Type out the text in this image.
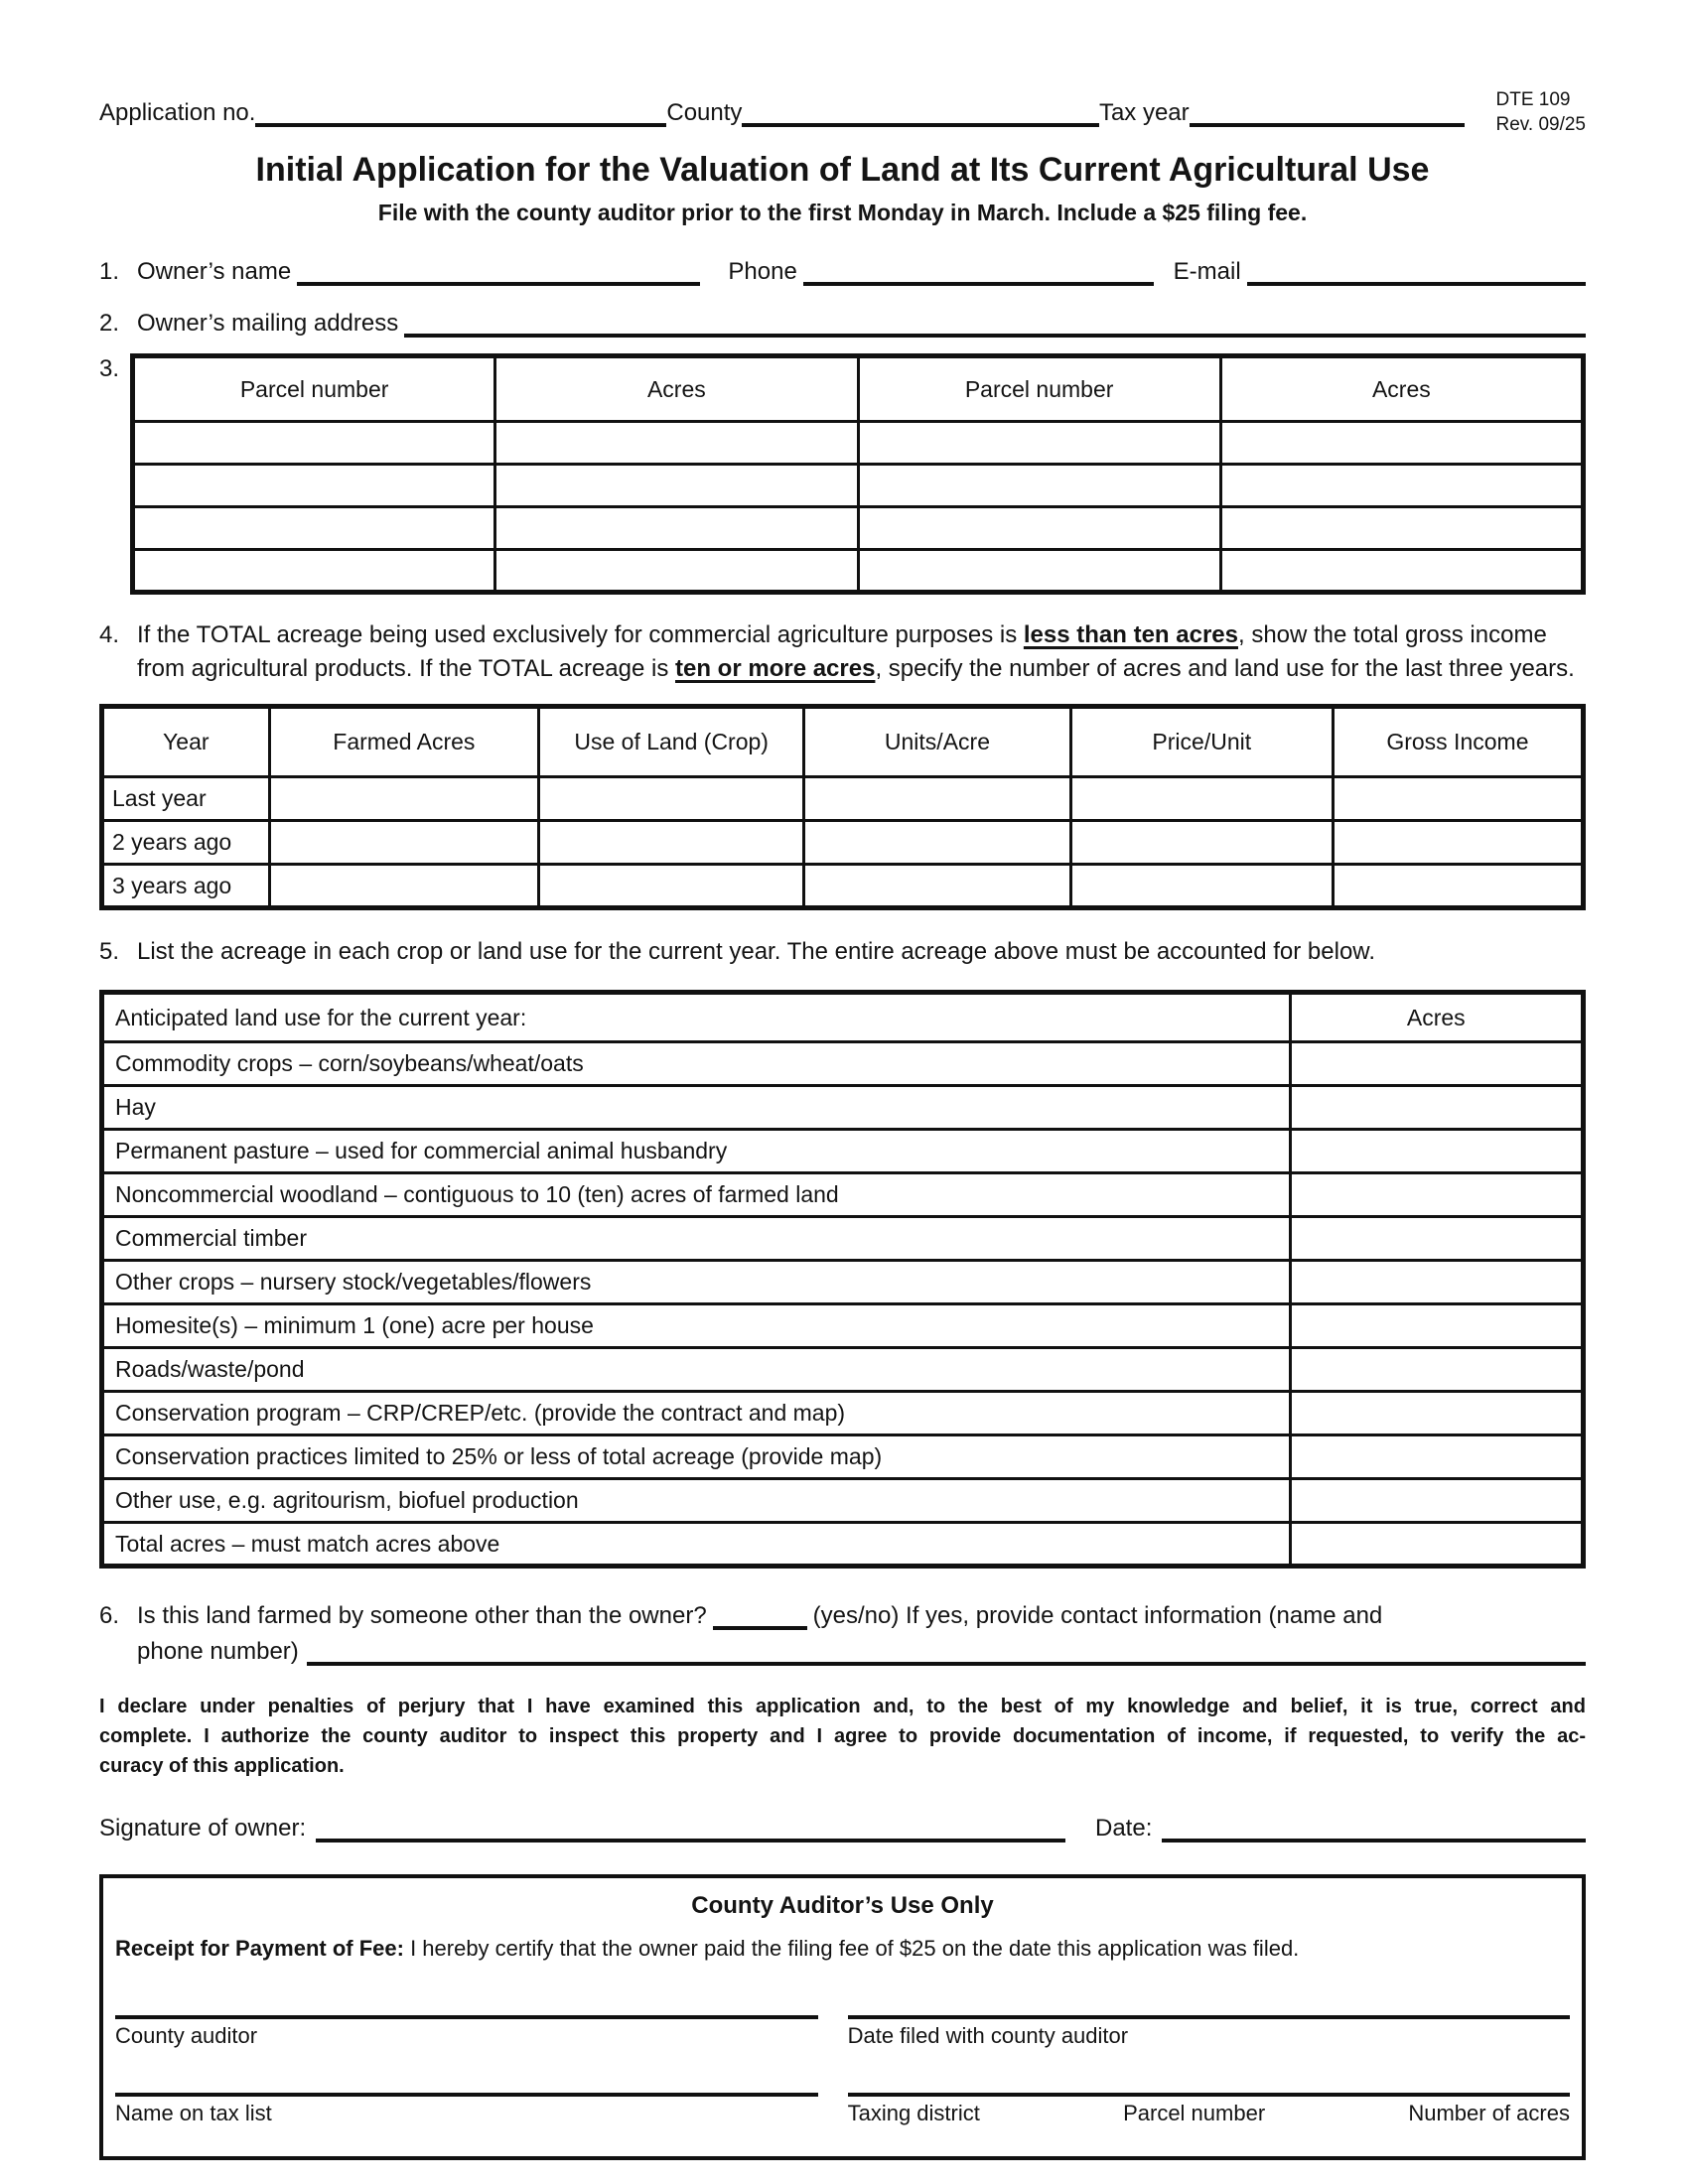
Application no.	County	Tax year	DTE 109
Rev. 09/25
Initial Application for the Valuation of Land at Its Current Agricultural Use
File with the county auditor prior to the first Monday in March. Include a $25 filing fee.
1. Owner’s name	Phone	E-mail
2. Owner’s mailing address
3.
Parcel number	Acres	Parcel number	Acres

4. If the TOTAL acreage being used exclusively for commercial agriculture purposes is less than ten acres, show the total gross income from agricultural products. If the TOTAL acreage is ten or more acres, specify the number of acres and land use for the last three years.
Year	Farmed Acres	Use of Land (Crop)	Units/Acre	Price/Unit	Gross Income
Last year					
2 years ago					
3 years ago					
5. List the acreage in each crop or land use for the current year. The entire acreage above must be accounted for below.
Anticipated land use for the current year:	Acres
Commodity crops – corn/soybeans/wheat/oats	
Hay	
Permanent pasture – used for commercial animal husbandry	
Noncommercial woodland – contiguous to 10 (ten) acres of farmed land	
Commercial timber	
Other crops – nursery stock/vegetables/flowers	
Homesite(s) – minimum 1 (one) acre per house	
Roads/waste/pond	
Conservation program – CRP/CREP/etc. (provide the contract and map)	
Conservation practices limited to 25% or less of total acreage (provide map)	
Other use, e.g. agritourism, biofuel production	
Total acres – must match acres above	
6. Is this land farmed by someone other than the owner?	(yes/no) If yes, provide contact information (name and
phone number)
I declare under penalties of perjury that I have examined this application and, to the best of my knowledge and belief, it is true, correct and
complete. I authorize the county auditor to inspect this property and I agree to provide documentation of income, if requested, to verify the ac-
curacy of this application.
Signature of owner:	Date:
County Auditor’s Use Only
Receipt for Payment of Fee: I hereby certify that the owner paid the filing fee of $25 on the date this application was filed.
County auditor	Date filed with county auditor
Name on tax list	Taxing district	Parcel number	Number of acres
